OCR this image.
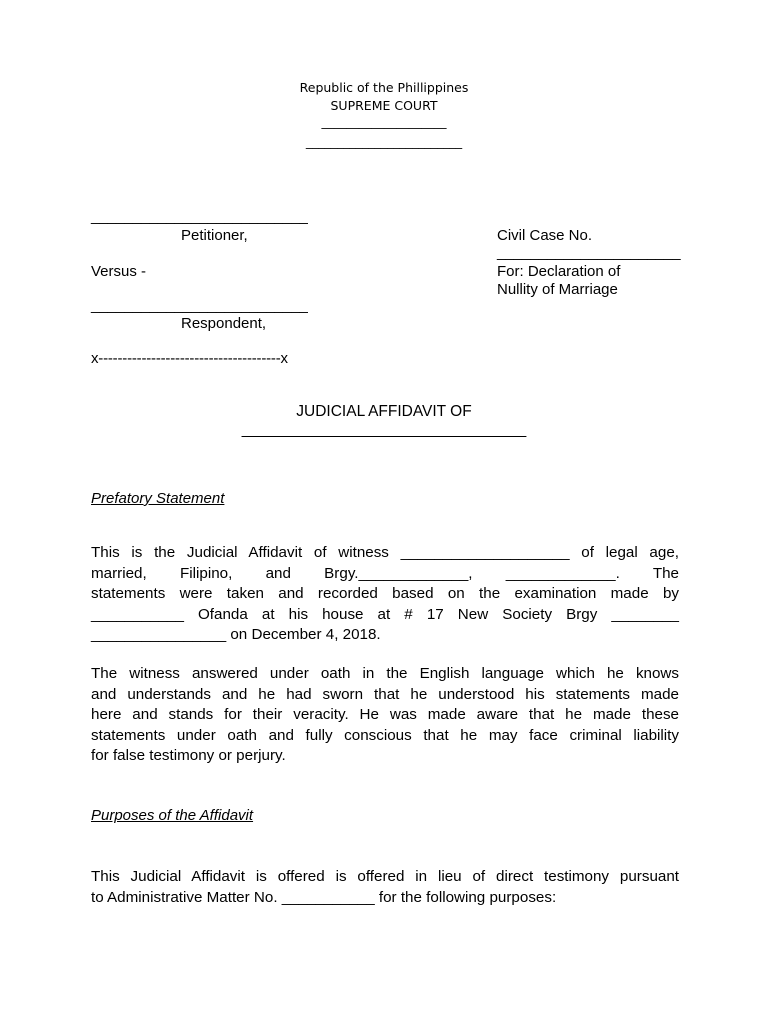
Republic of the Phillippines
SUPREME COURT
____________________
_________________________
__________________________
Petitioner,
Versus -
__________________________
Respondent,
Civil Case No.
______________________
For: Declaration of
Nullity of Marriage
x--------------------------------------x
JUDICIAL AFFIDAVIT OF
_________________________________
Prefatory Statement
This is the Judicial Affidavit of witness ____________________ of legal age,
married, Filipino, and Brgy._____________, _____________. The
statements were taken and recorded based on the examination made by
___________ Ofanda at his house at # 17 New Society Brgy ________
________________ on December 4, 2018.
The witness answered under oath in the English language which he knows
and understands and he had sworn that he understood his statements made
here and stands for their veracity. He was made aware that he made these
statements under oath and fully conscious that he may face criminal liability
for false testimony or perjury.
Purposes of the Affidavit
This Judicial Affidavit is offered is offered in lieu of direct testimony pursuant
to Administrative Matter No. ___________ for the following purposes:
